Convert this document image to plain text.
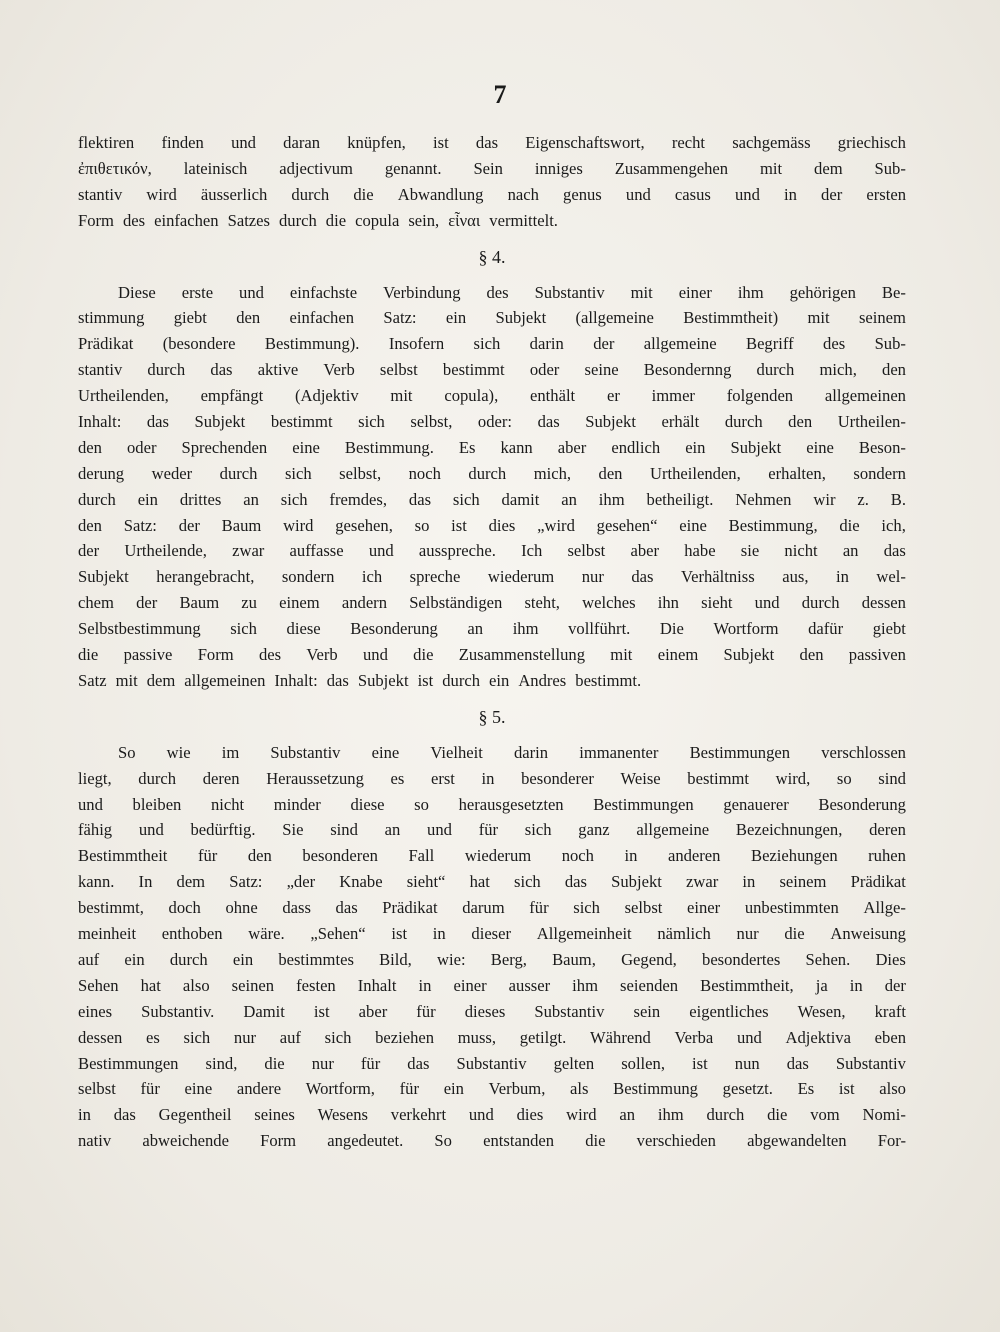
7
flektiren finden und daran knüpfen, ist das Eigenschaftswort, recht sachgemäss griechisch
ἐπιθετικόν, lateinisch adjectivum genannt. Sein inniges Zusammengehen mit dem Sub-
stantiv wird äusserlich durch die Abwandlung nach genus und casus und in der ersten
Form des einfachen Satzes durch die copula sein, εἶναι vermittelt.
§ 4.
Diese erste und einfachste Verbindung des Substantiv mit einer ihm gehörigen Be-
stimmung giebt den einfachen Satz: ein Subjekt (allgemeine Bestimmtheit) mit seinem
Prädikat (besondere Bestimmung). Insofern sich darin der allgemeine Begriff des Sub-
stantiv durch das aktive Verb selbst bestimmt oder seine Besondernng durch mich, den
Urtheilenden, empfängt (Adjektiv mit copula), enthält er immer folgenden allgemeinen
Inhalt: das Subjekt bestimmt sich selbst, oder: das Subjekt erhält durch den Urtheilen-
den oder Sprechenden eine Bestimmung. Es kann aber endlich ein Subjekt eine Beson-
derung weder durch sich selbst, noch durch mich, den Urtheilenden, erhalten, sondern
durch ein drittes an sich fremdes, das sich damit an ihm betheiligt. Nehmen wir z. B.
den Satz: der Baum wird gesehen, so ist dies „wird gesehen“ eine Bestimmung, die ich,
der Urtheilende, zwar auffasse und ausspreche. Ich selbst aber habe sie nicht an das
Subjekt herangebracht, sondern ich spreche wiederum nur das Verhältniss aus, in wel-
chem der Baum zu einem andern Selbständigen steht, welches ihn sieht und durch dessen
Selbstbestimmung sich diese Besonderung an ihm vollführt. Die Wortform dafür giebt
die passive Form des Verb und die Zusammenstellung mit einem Subjekt den passiven
Satz mit dem allgemeinen Inhalt: das Subjekt ist durch ein Andres bestimmt.
§ 5.
So wie im Substantiv eine Vielheit darin immanenter Bestimmungen verschlossen
liegt, durch deren Heraussetzung es erst in besonderer Weise bestimmt wird, so sind
und bleiben nicht minder diese so herausgesetzten Bestimmungen genauerer Besonderung
fähig und bedürftig. Sie sind an und für sich ganz allgemeine Bezeichnungen, deren
Bestimmtheit für den besonderen Fall wiederum noch in anderen Beziehungen ruhen
kann. In dem Satz: „der Knabe sieht“ hat sich das Subjekt zwar in seinem Prädikat
bestimmt, doch ohne dass das Prädikat darum für sich selbst einer unbestimmten Allge-
meinheit enthoben wäre. „Sehen“ ist in dieser Allgemeinheit nämlich nur die Anweisung
auf ein durch ein bestimmtes Bild, wie: Berg, Baum, Gegend, besondertes Sehen. Dies
Sehen hat also seinen festen Inhalt in einer ausser ihm seienden Bestimmtheit, ja in der
eines Substantiv. Damit ist aber für dieses Substantiv sein eigentliches Wesen, kraft
dessen es sich nur auf sich beziehen muss, getilgt. Während Verba und Adjektiva eben
Bestimmungen sind, die nur für das Substantiv gelten sollen, ist nun das Substantiv
selbst für eine andere Wortform, für ein Verbum, als Bestimmung gesetzt. Es ist also
in das Gegentheil seines Wesens verkehrt und dies wird an ihm durch die vom Nomi-
nativ abweichende Form angedeutet. So entstanden die verschieden abgewandelten For-
